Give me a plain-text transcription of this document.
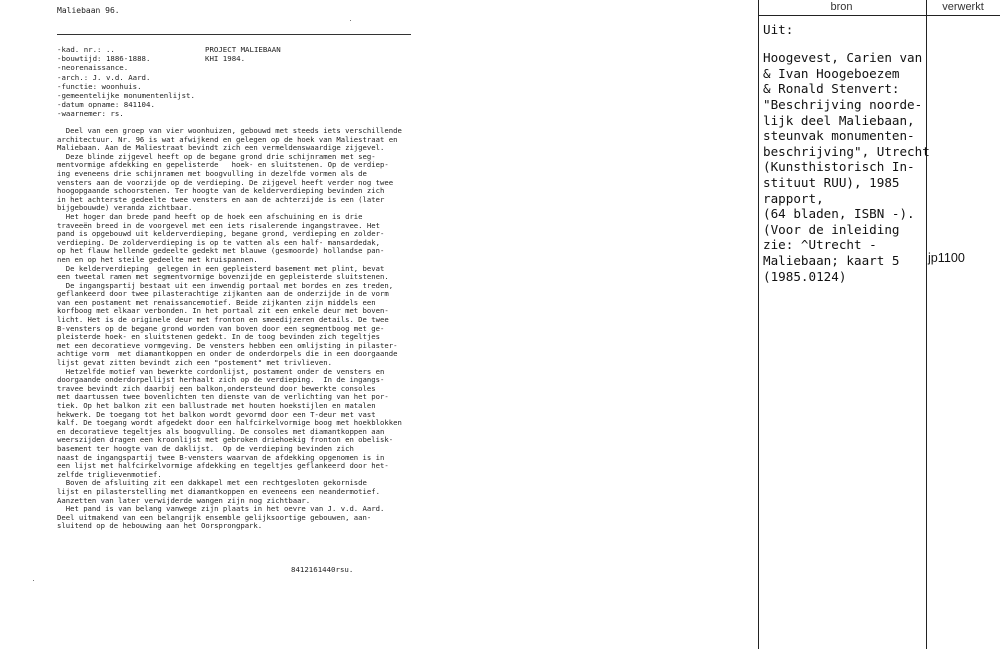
Maliebaan 96.
-kad. nr.: ..
-bouwtijd: 1886-1888.
-neorenaissance.
-arch.: J. v.d. Aard.
-functie: woonhuis.
-gemeentelijke monumentenlijst.
-datum opname: 841104.
-waarnemer: rs.
PROJECT MALIEBAAN
KHI 1984.
Deel van een groep van vier woonhuizen, gebouwd met steeds iets verschillende
architectuur. Nr. 96 is wat afwijkend en gelegen op de hoek van Maliestraat en
Maliebaan. Aan de Maliestraat bevindt zich een vermeldenswaardige zijgevel.
Deze blinde zijgevel heeft op de begane grond drie schijnramen met seg-
mentvormige afdekking en gepelisterde   hoek- en sluitstenen. Op de verdiep-
ing eveneens drie schijnramen met boogvulling in dezelfde vormen als de
vensters aan de voorzijde op de verdieping. De zijgevel heeft verder nog twee
hoogopgaande schoorstenen. Ter hoogte van de kelderverdieping bevinden zich
in het achterste gedeelte twee vensters en aan de achterzijde is een (later
bijgebouwde) veranda zichtbaar.
Het hoger dan brede pand heeft op de hoek een afschuining en is drie
traveeën breed in de voorgevel met een iets risalerende ingangstravee. Het
pand is opgebouwd uit kelderverdieping, begane grond, verdieping en zolder-
verdieping. De zolderverdieping is op te vatten als een half- mansardedak,
op het flauw hellende gedeelte gedekt met blauwe (gesmoorde) hollandse pan-
nen en op het steile gedeelte met kruispannen.
De kelderverdieping  gelegen in een gepleisterd basement met plint, bevat
een tweetal ramen met segmentvormige bovenzijde en gepleisterde sluitstenen.
De ingangspartij bestaat uit een inwendig portaal met bordes en zes treden,
geflankeerd door twee pilasterachtige zijkanten aan de onderzijde in de vorm
van een postament met renaissancemotief. Beide zijkanten zijn middels een
korfboog met elkaar verbonden. In het portaal zit een enkele deur met boven-
licht. Het is de originele deur met fronton en smeedijzeren details. De twee
B-vensters op de begane grond worden van boven door een segmentboog met ge-
pleisterde hoek- en sluitstenen gedekt. In de toog bevinden zich tegeltjes
met een decoratieve vormgeving. De vensters hebben een omlijsting in pilaster-
achtige vorm  met diamantkoppen en onder de onderdorpels die in een doorgaande
lijst gevat zitten bevindt zich een "postement" met trivlieven.
Hetzelfde motief van bewerkte cordonlijst, postament onder de vensters en
doorgaande onderdorpellijst herhaalt zich op de verdieping.  In de ingangs-
travee bevindt zich daarbij een balkon,ondersteund door bewerkte consoles
met daartussen twee bovenlichten ten dienste van de verlichting van het por-
tiek. Op het balkon zit een ballustrade met houten hoekstijlen en matalen
hekwerk. De toegang tot het balkon wordt gevormd door een T-deur met vast
kalf. De toegang wordt afgedekt door een halfcirkelvormige boog met hoekblokken
en decoratieve tegeltjes als boogvulling. De consoles met diamantkoppen aan
weerszijden dragen een kroonlijst met gebroken driehoekig fronton en obelisk-
basement ter hoogte van de daklijst.  Op de verdieping bevinden zich
naast de ingangspartij twee B-vensters waarvan de afdekking opgenomen is in
een lijst met halfcirkelvormige afdekking en tegeltjes geflankeerd door het-
zelfde triglievenmotief.
Boven de afsluiting zit een dakkapel met een rechtgesloten gekornisde
lijst en pilasterstelling met diamantkoppen en eveneens een neandermotief.
Aanzetten van later verwijderde wangen zijn nog zichtbaar.
Het pand is van belang vanwege zijn plaats in het oevre van J. v.d. Aard.
Deel uitmakend van een belangrijk ensemble gelijksoortige gebouwen, aan-
sluitend op de hebouwing aan het Oorsprongpark.
8412161440rsu.
bron	verwerkt
Uit:
Hoogevest, Carien van
& Ivan Hoogeboezem
& Ronald Stenvert:
"Beschrijving noorde-
lijk deel Maliebaan,
steunvak monumenten-
beschrijving", Utrecht
(Kunsthistorisch In-
stituut RUU), 1985
rapport,
(64 bladen, ISBN -).
(Voor de inleiding
zie: ^Utrecht -
Maliebaan; kaart 5
(1985.0124)
jp1100
